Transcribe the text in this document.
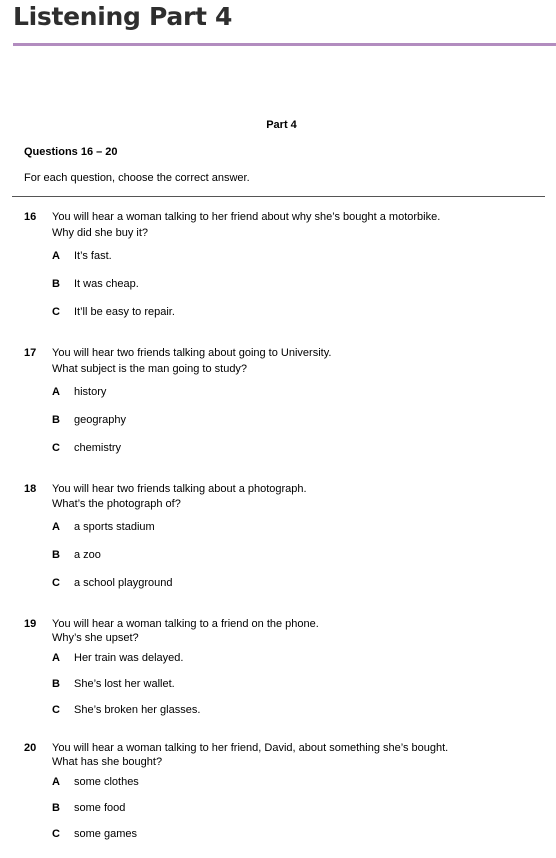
Listening Part 4
Part 4
Questions 16 – 20
For each question, choose the correct answer.
16 You will hear a woman talking to her friend about why she’s bought a motorbike.
Why did she buy it?
A It’s fast.
B It was cheap.
C It’ll be easy to repair.
17 You will hear two friends talking about going to University.
What subject is the man going to study?
A history
B geography
C chemistry
18 You will hear two friends talking about a photograph.
What’s the photograph of?
A a sports stadium
B a zoo
C a school playground
19 You will hear a woman talking to a friend on the phone.
Why’s she upset?
A Her train was delayed.
B She’s lost her wallet.
C She’s broken her glasses.
20 You will hear a woman talking to her friend, David, about something she’s bought.
What has she bought?
A some clothes
B some food
C some games
